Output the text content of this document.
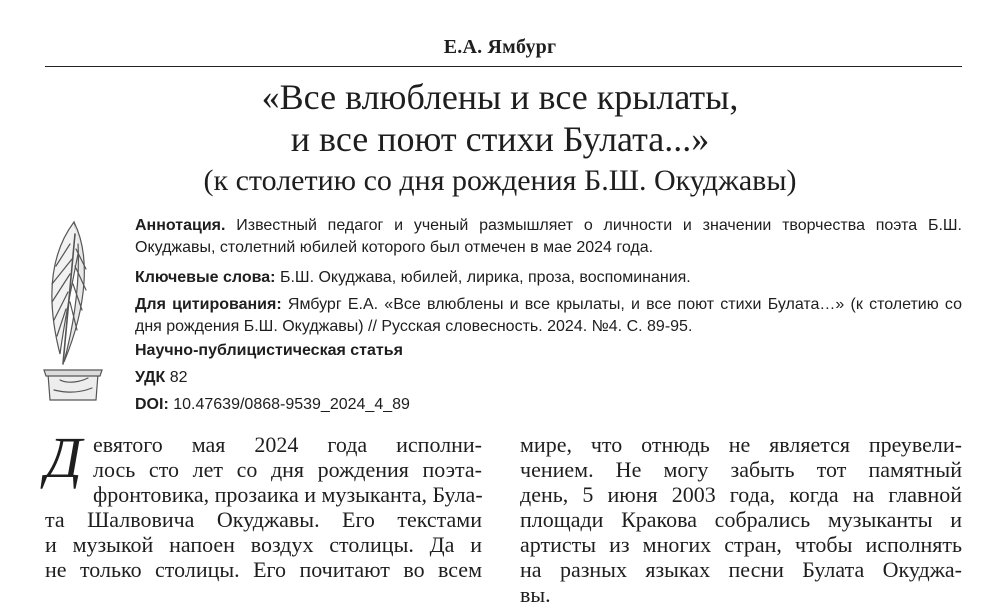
Е.А. Ямбург
«Все влюблены и все крылаты,
и все поют стихи Булата...»
(к столетию со дня рождения Б.Ш. Окуджавы)
Аннотация. Известный педагог и ученый размышляет о личности и значении творчества поэта Б.Ш. Окуджавы, столетний юбилей которого был отмечен в мае 2024 года.
Ключевые слова: Б.Ш. Окуджава, юбилей, лирика, проза, воспоминания.
Для цитирования: Ямбург Е.А. «Все влюблены и все крылаты, и все поют стихи Булата…» (к столетию со дня рождения Б.Ш. Окуджавы) // Русская словесность. 2024. №4. С. 89-95.
Научно-публицистическая статья
УДК 82
DOI: 10.47639/0868-9539_2024_4_89
Д евятого мая 2024 года исполни-
лось сто лет со дня рождения поэта-
фронтовика, прозаика и музыканта, Була-
та Шалвовича Окуджавы. Его текстами
и музыкой напоен воздух столицы. Да и
не только столицы. Его почитают во всем
мире, что отнюдь не является преувели-
чением. Не могу забыть тот памятный
день, 5 июня 2003 года, когда на главной
площади Кракова собрались музыканты и
артисты из многих стран, чтобы исполнять
на разных языках песни Булата Окуджа-
вы.
